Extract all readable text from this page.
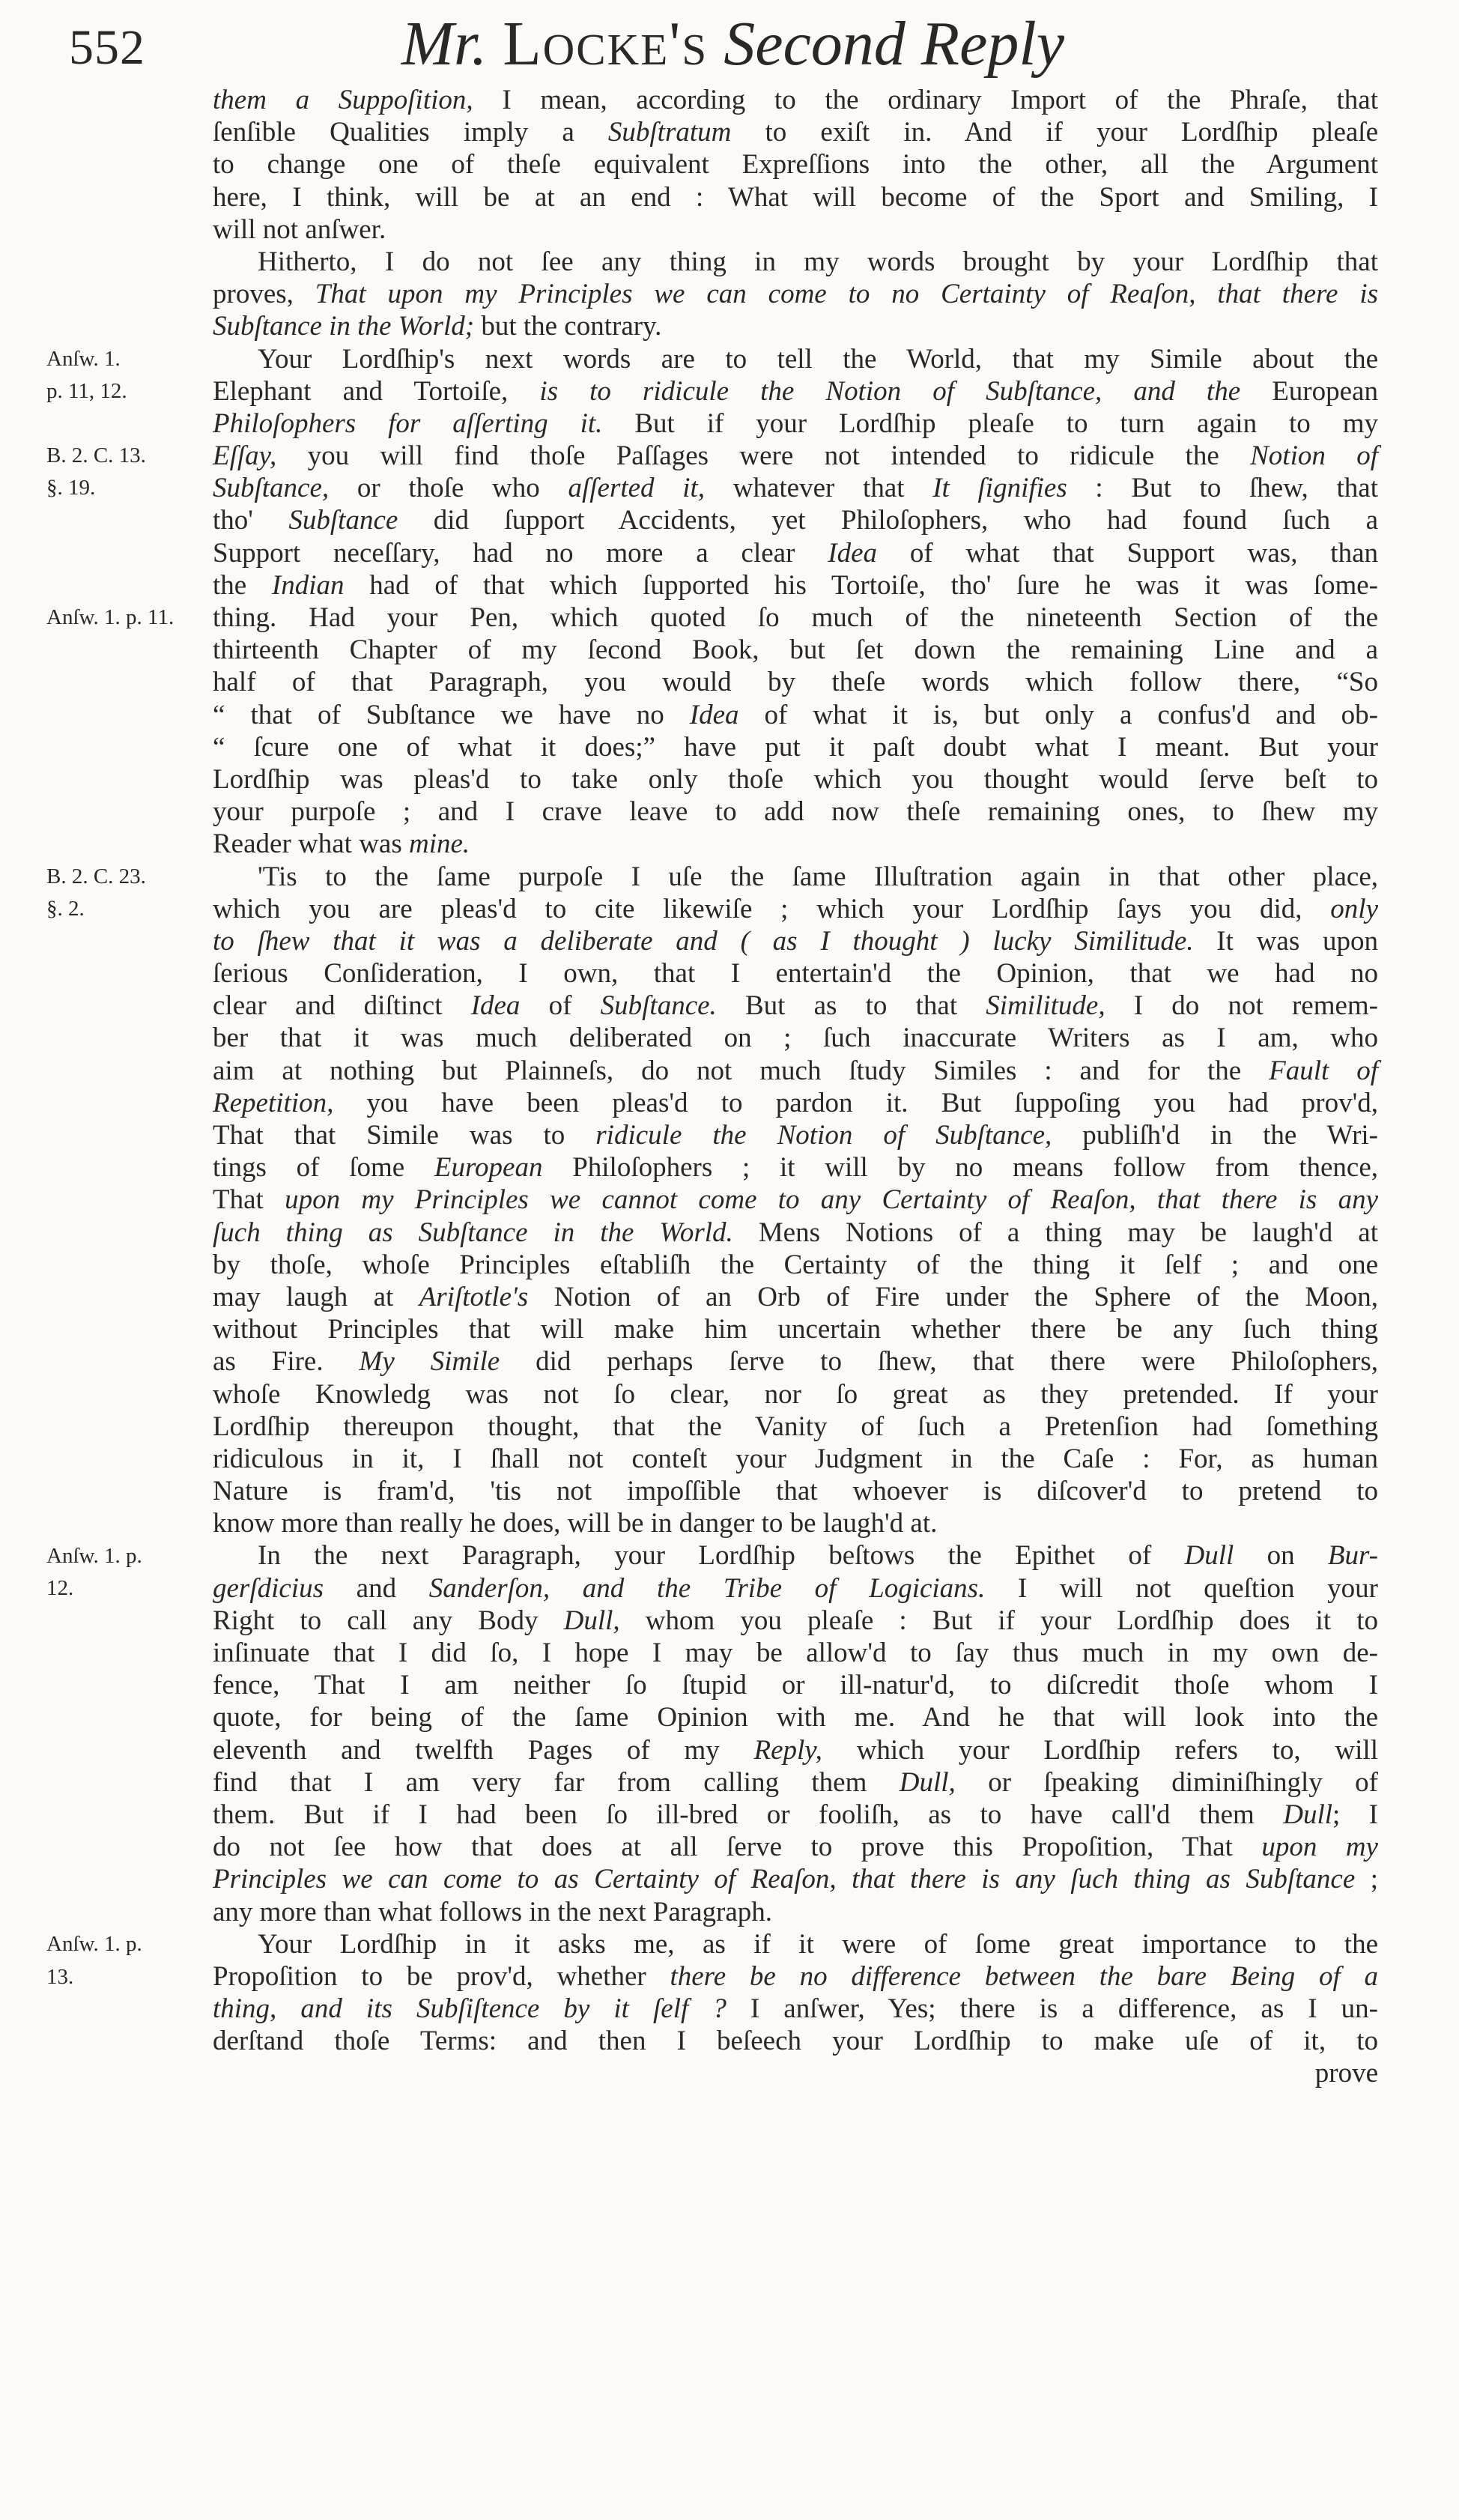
552	Mr. Locke's Second Reply
them a Suppoſition, I mean, according to the ordinary Import of the Phraſe, that
ſenſible Qualities imply a Subſtratum to exiſt in. And if your Lordſhip pleaſe
to change one of theſe equivalent Expreſſions into the other, all the Argument
here, I think, will be at an end : What will become of the Sport and Smiling, I
will not anſwer.
Hitherto, I do not ſee any thing in my words brought by your Lordſhip that
proves, That upon my Principles we can come to no Certainty of Reaſon, that there is
Subſtance in the World; but the contrary.
Your Lordſhip's next words are to tell the World, that my Simile about the
Elephant and Tortoiſe, is to ridicule the Notion of Subſtance, and the European
Philoſophers for aſſerting it. But if your Lordſhip pleaſe to turn again to my
Eſſay, you will find thoſe Paſſages were not intended to ridicule the Notion of
Subſtance, or thoſe who aſſerted it, whatever that It ſignifies : But to ſhew, that
tho' Subſtance did ſupport Accidents, yet Philoſophers, who had found ſuch a
Support neceſſary, had no more a clear Idea of what that Support was, than
the Indian had of that which ſupported his Tortoiſe, tho' ſure he was it was ſome-
thing. Had your Pen, which quoted ſo much of the nineteenth Section of the
thirteenth Chapter of my ſecond Book, but ſet down the remaining Line and a
half of that Paragraph, you would by theſe words which follow there, “So
“ that of Subſtance we have no Idea of what it is, but only a confus'd and ob-
“ ſcure one of what it does;” have put it paſt doubt what I meant. But your
Lordſhip was pleas'd to take only thoſe which you thought would ſerve beſt to
your purpoſe ; and I crave leave to add now theſe remaining ones, to ſhew my
Reader what was mine.
'Tis to the ſame purpoſe I uſe the ſame Illuſtration again in that other place,
which you are pleas'd to cite likewiſe ; which your Lordſhip ſays you did, only
to ſhew that it was a deliberate and ( as I thought ) lucky Similitude. It was upon
ſerious Conſideration, I own, that I entertain'd the Opinion, that we had no
clear and diſtinct Idea of Subſtance. But as to that Similitude, I do not remem-
ber that it was much deliberated on ; ſuch inaccurate Writers as I am, who
aim at nothing but Plainneſs, do not much ſtudy Similes : and for the Fault of
Repetition, you have been pleas'd to pardon it. But ſuppoſing you had prov'd,
That that Simile was to ridicule the Notion of Subſtance, publiſh'd in the Wri-
tings of ſome European Philoſophers ; it will by no means follow from thence,
That upon my Principles we cannot come to any Certainty of Reaſon, that there is any
ſuch thing as Subſtance in the World. Mens Notions of a thing may be laugh'd at
by thoſe, whoſe Principles eſtabliſh the Certainty of the thing it ſelf ; and one
may laugh at Ariſtotle's Notion of an Orb of Fire under the Sphere of the Moon,
without Principles that will make him uncertain whether there be any ſuch thing
as Fire. My Simile did perhaps ſerve to ſhew, that there were Philoſophers,
whoſe Knowledg was not ſo clear, nor ſo great as they pretended. If your
Lordſhip thereupon thought, that the Vanity of ſuch a Pretenſion had ſomething
ridiculous in it, I ſhall not conteſt your Judgment in the Caſe : For, as human
Nature is fram'd, 'tis not impoſſible that whoever is diſcover'd to pretend to
know more than really he does, will be in danger to be laugh'd at.
In the next Paragraph, your Lordſhip beſtows the Epithet of Dull on Bur-
gerſdicius and Sanderſon, and the Tribe of Logicians. I will not queſtion your
Right to call any Body Dull, whom you pleaſe : But if your Lordſhip does it to
inſinuate that I did ſo, I hope I may be allow'd to ſay thus much in my own de-
fence, That I am neither ſo ſtupid or ill-natur'd, to diſcredit thoſe whom I
quote, for being of the ſame Opinion with me. And he that will look into the
eleventh and twelfth Pages of my Reply, which your Lordſhip refers to, will
find that I am very far from calling them Dull, or ſpeaking diminiſhingly of
them. But if I had been ſo ill-bred or fooliſh, as to have call'd them Dull; I
do not ſee how that does at all ſerve to prove this Propoſition, That upon my
Principles we can come to as Certainty of Reaſon, that there is any ſuch thing as Subſtance ;
any more than what follows in the next Paragraph.
Your Lordſhip in it asks me, as if it were of ſome great importance to the
Propoſition to be prov'd, whether there be no difference between the bare Being of a
thing, and its Subſiſtence by it ſelf ? I anſwer, Yes; there is a difference, as I un-
derſtand thoſe Terms: and then I beſeech your Lordſhip to make uſe of it, to
prove
Anſw. 1.
p. 11, 12.
B. 2. C. 13.
§. 19.
Anſw. 1. p. 11.
B. 2. C. 23.
§. 2.
Anſw. 1. p.
12.
Anſw. 1. p.
13.
